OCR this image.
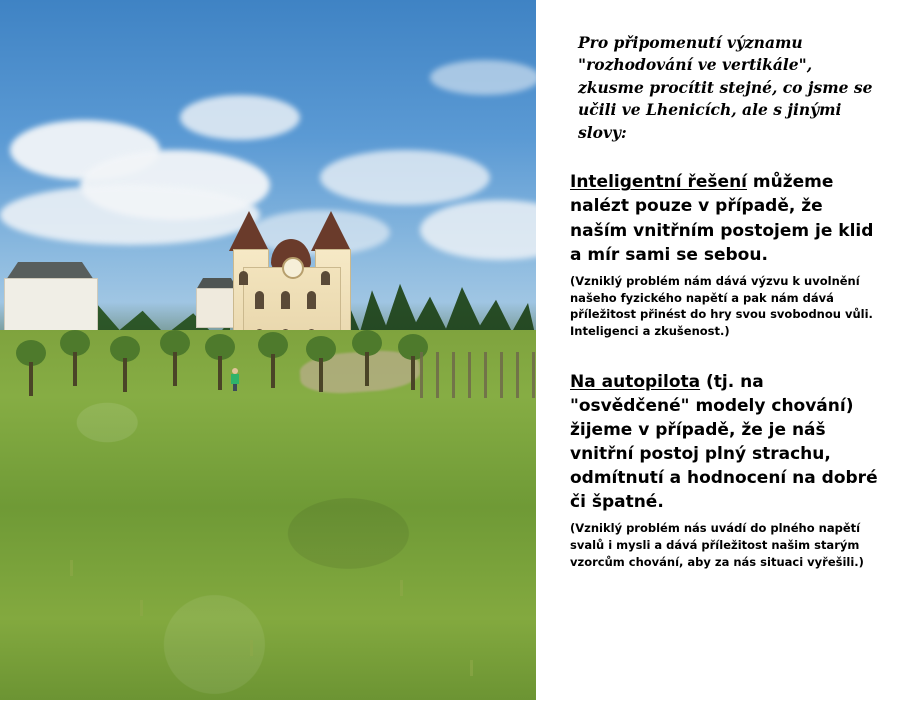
Pro připomenutí významu "rozhodování ve vertikále", zkusme procítit stejné, co jsme se učili ve Lhenicích, ale s jinými slovy:

Inteligentní řešení můžeme nalézt pouze v případě, že naším vnitřním postojem je klid a mír sami se sebou.

(Vzniklý problém nám dává výzvu k uvolnění našeho fyzického napětí a pak nám dává příležitost přinést do hry svou svobodnou vůli. Inteligenci a zkušenost.)

Na autopilota (tj. na "osvědčené" modely chování) žijeme v případě, že je náš vnitřní postoj plný strachu, odmítnutí a hodnocení na dobré či špatné.

(Vzniklý problém nás uvádí do plného napětí svalů i mysli a dává příležitost našim starým vzorcům chování, aby za nás situaci vyřešili.)
